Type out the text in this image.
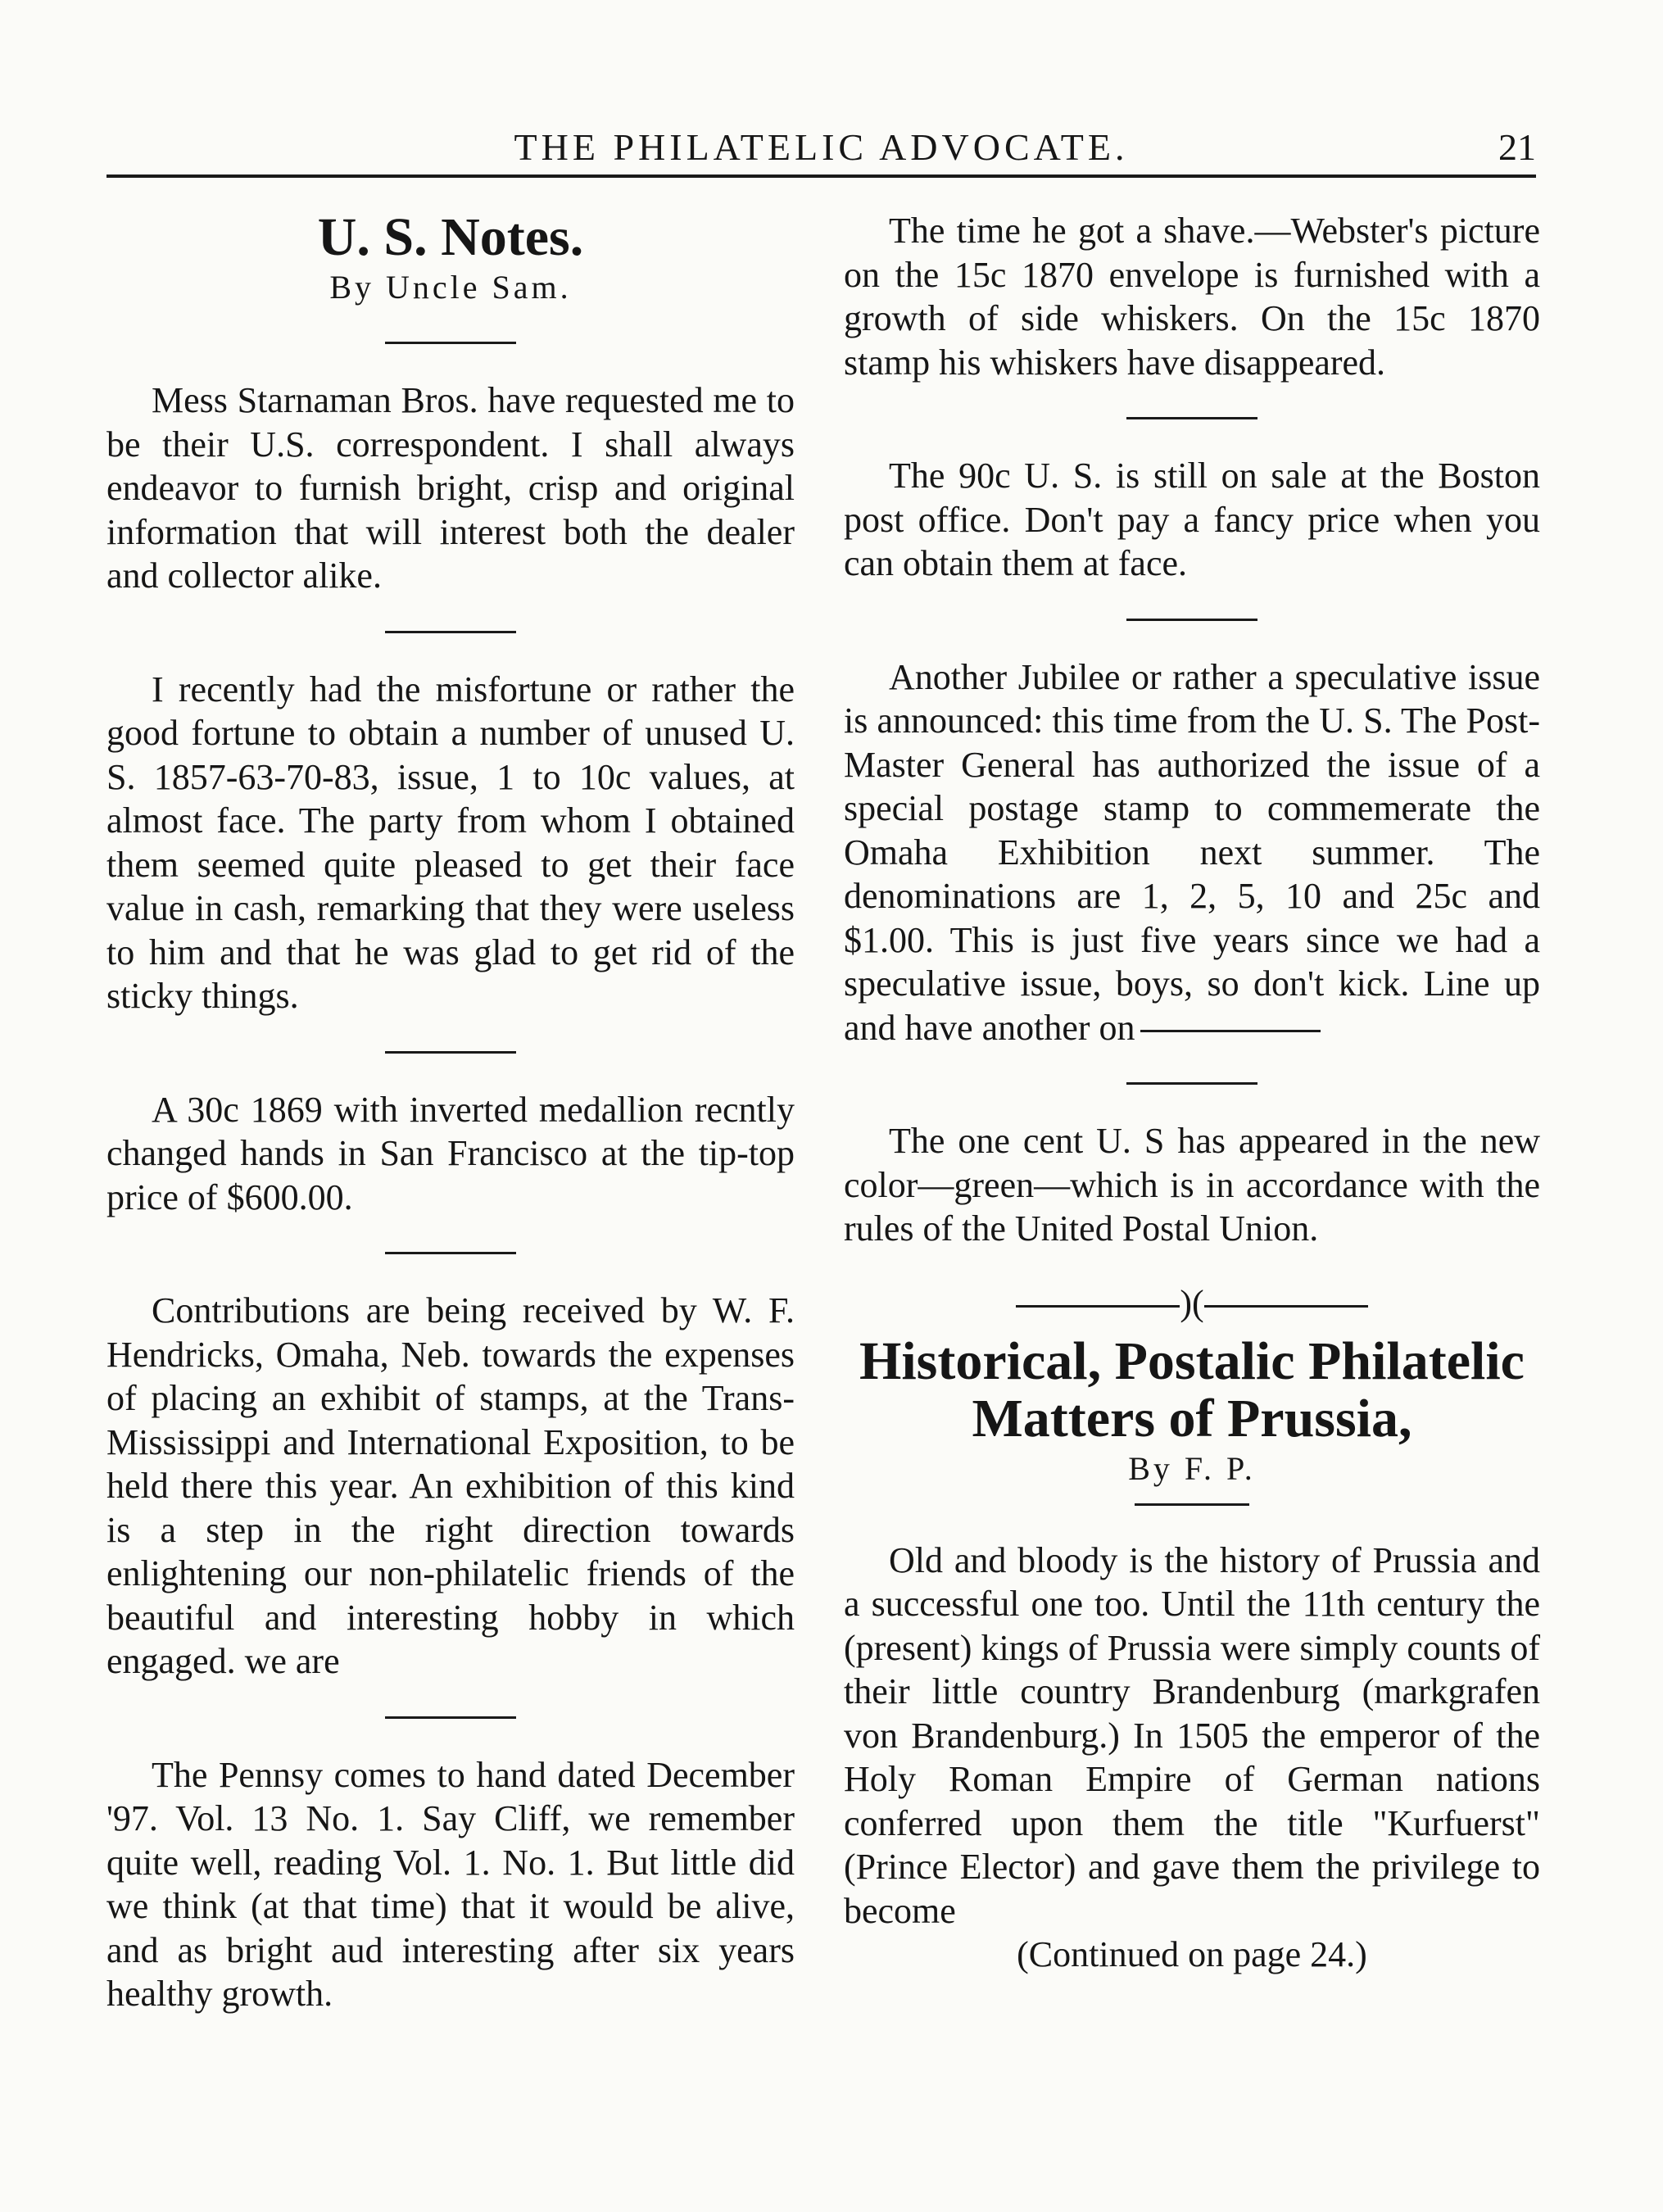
THE PHILATELIC ADVOCATE.	21
U. S. Notes.
By Uncle Sam.

Mess Starnaman Bros. have requested me to be their U.S. correspondent. I shall always endeavor to furnish bright, crisp and original information that will interest both the dealer and collector alike.

I recently had the misfortune or rather the good fortune to obtain a number of unused U. S. 1857-63-70-83, issue, 1 to 10c values, at almost face. The party from whom I obtained them seemed quite pleased to get their face value in cash, remarking that they were useless to him and that he was glad to get rid of the sticky things.

A 30c 1869 with inverted medallion recntly changed hands in San Francisco at the tip-top price of $600.00.

Contributions are being received by W. F. Hendricks, Omaha, Neb. towards the expenses of placing an exhibit of stamps, at the Trans-Mississippi and International Exposition, to be held there this year. An exhibition of this kind is a step in the right direction towards enlightening our non-philatelic friends of the beautiful and interesting hobby in which engaged. we are

The Pennsy comes to hand dated December '97. Vol. 13 No. 1. Say Cliff, we remember quite well, reading Vol. 1. No. 1. But little did we think (at that time) that it would be alive, and as bright aud interesting after six years healthy growth.

The time he got a shave.—Webster's picture on the 15c 1870 envelope is furnished with a growth of side whiskers. On the 15c 1870 stamp his whiskers have disappeared.

The 90c U. S. is still on sale at the Boston post office. Don't pay a fancy price when you can obtain them at face.

Another Jubilee or rather a speculative issue is announced: this time from the U. S. The Post-Master General has authorized the issue of a special postage stamp to commemerate the Omaha Exhibition next summer. The denominations are 1, 2, 5, 10 and 25c and $1.00. This is just five years since we had a speculative issue, boys, so don't kick. Line up and have another on

The one cent U. S has appeared in the new color—green—which is in accordance with the rules of the United Postal Union.

)(
Historical, Postalic Philatelic Matters of Prussia,
By F. P.

Old and bloody is the history of Prussia and a successful one too. Until the 11th century the (present) kings of Prussia were simply counts of their little country Brandenburg (markgrafen von Brandenburg.) In 1505 the emperor of the Holy Roman Empire of German nations conferred upon them the title "Kurfuerst" (Prince Elector) and gave them the privilege to become

(Continued on page 24.)
